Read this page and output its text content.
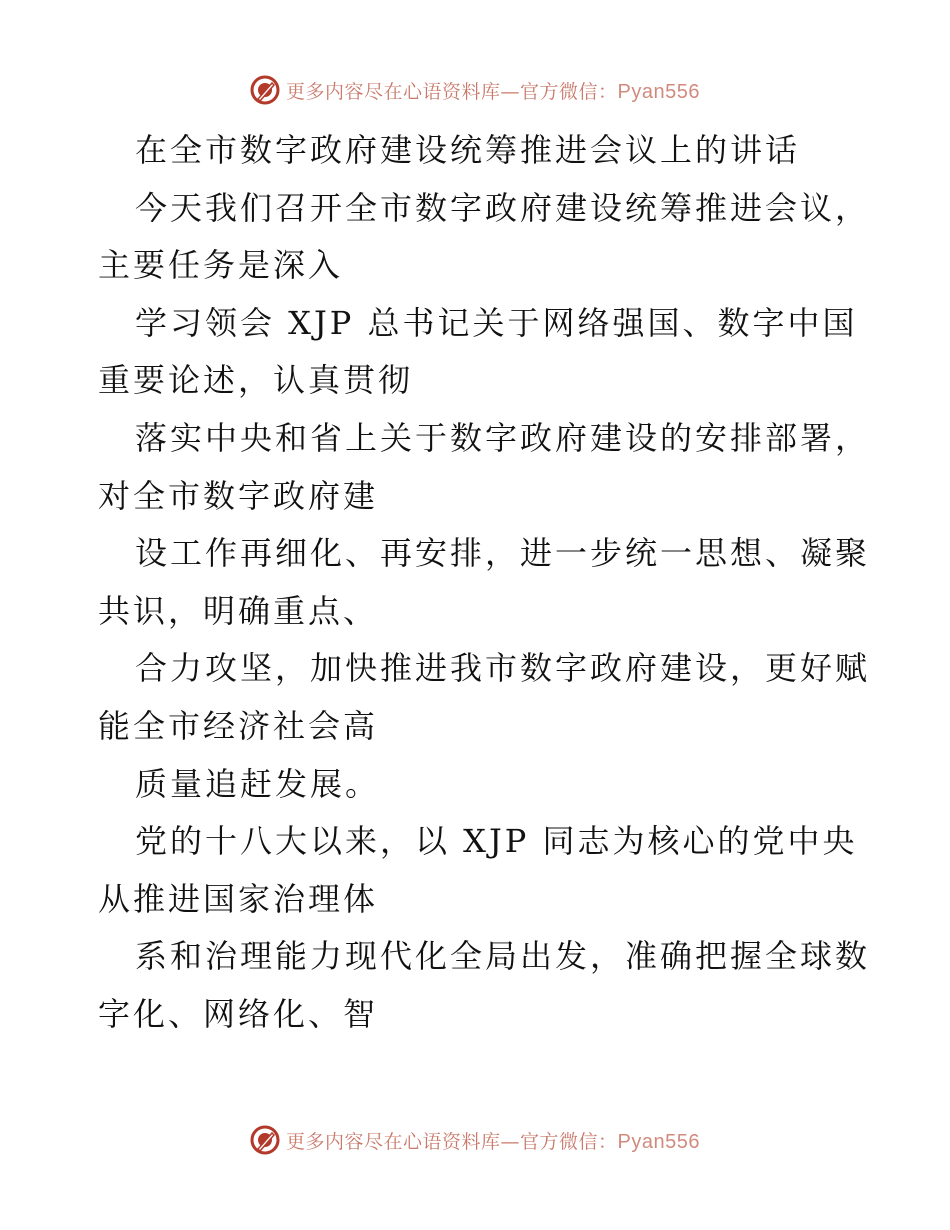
更多内容尽在心语资料库—官方微信：Pyan556
在全市数字政府建设统筹推进会议上的讲话
今天我们召开全市数字政府建设统筹推进会议，
主要任务是深入
学习领会 XJP 总书记关于网络强国、数字中国
重要论述，认真贯彻
落实中央和省上关于数字政府建设的安排部署，
对全市数字政府建
设工作再细化、再安排，进一步统一思想、凝聚
共识，明确重点、
合力攻坚，加快推进我市数字政府建设，更好赋
能全市经济社会高
质量追赶发展。
党的十八大以来，以 XJP 同志为核心的党中央
从推进国家治理体
系和治理能力现代化全局出发，准确把握全球数
字化、网络化、智
更多内容尽在心语资料库—官方微信：Pyan556
